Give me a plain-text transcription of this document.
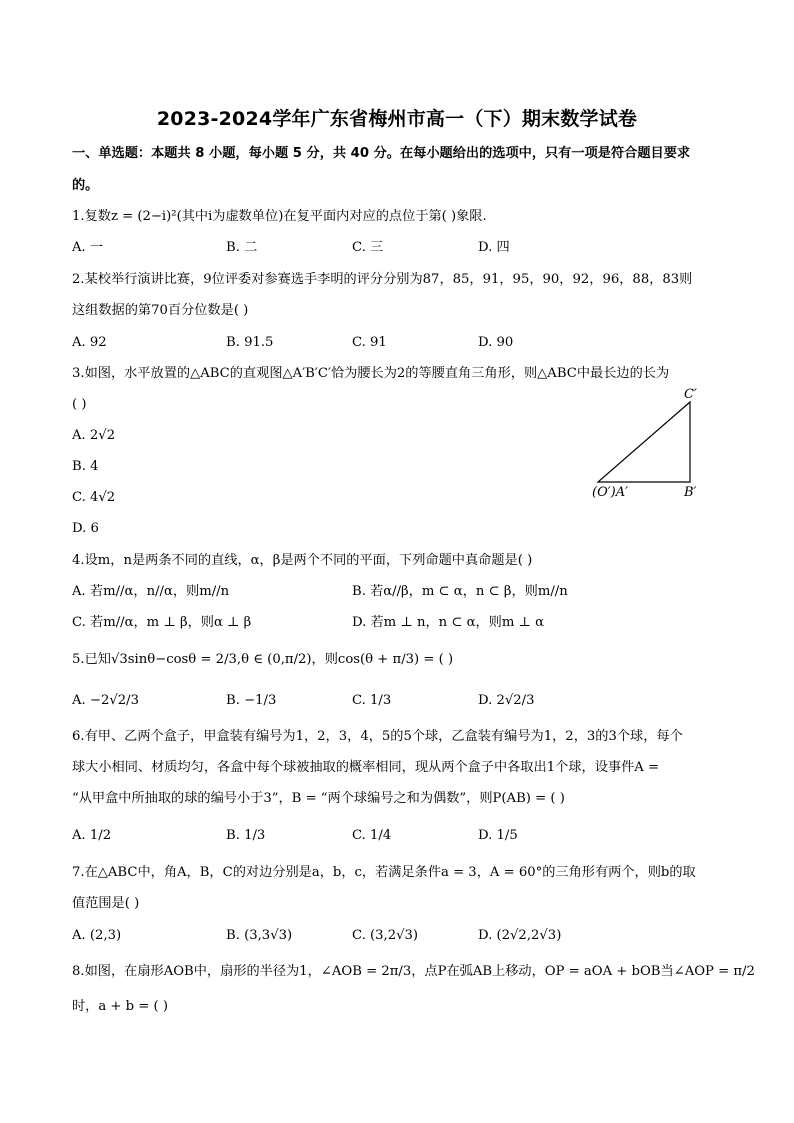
2023-2024学年广东省梅州市高一（下）期末数学试卷
一、单选题：本题共 8 小题，每小题 5 分，共 40 分。在每小题给出的选项中，只有一项是符合题目要求
的。
1.复数z = (2−i)²(其中i为虚数单位)在复平面内对应的点位于第( )象限.
A. 一	B. 二	C. 三	D. 四
2.某校举行演讲比赛，9位评委对参赛选手李明的评分分别为87，85，91，95，90，92，96，88，83则
这组数据的第70百分位数是( )
A. 92	B. 91.5	C. 91	D. 90
3.如图，水平放置的△ABC的直观图△A′B′C′恰为腰长为2的等腰直角三角形，则△ABC中最长边的长为
( )
A. 2√2
B. 4
C. 4√2
D. 6
C′
(O′)A′	B′
4.设m，n是两条不同的直线，α，β是两个不同的平面，下列命题中真命题是( )
A. 若m//α，n//α，则m//n	B. 若α//β，m ⊂ α，n ⊂ β，则m//n
C. 若m//α，m ⊥ β，则α ⊥ β	D. 若m ⊥ n，n ⊂ α，则m ⊥ α
5.已知√3sinθ−cosθ = 2/3,θ ∈ (0,π/2)，则cos(θ + π/3) = ( )
A. −2√2/3	B. −1/3	C. 1/3	D. 2√2/3
6.有甲、乙两个盒子，甲盒装有编号为1，2，3，4，5的5个球，乙盒装有编号为1，2，3的3个球，每个
球大小相同、材质均匀，各盒中每个球被抽取的概率相同，现从两个盒子中各取出1个球，设事件A =
“从甲盒中所抽取的球的编号小于3”，B = “两个球编号之和为偶数”，则P(AB) = ( )
A. 1/2	B. 1/3	C. 1/4	D. 1/5
7.在△ABC中，角A，B，C的对边分别是a，b，c，若满足条件a = 3，A = 60°的三角形有两个，则b的取
值范围是( )
A. (2,3)	B. (3,3√3)	C. (3,2√3)	D. (2√2,2√3)
8.如图，在扇形AOB中，扇形的半径为1，∠AOB = 2π/3，点P在弧AB上移动，OP = aOA + bOB当∠AOP = π/2
时，a + b = ( )
